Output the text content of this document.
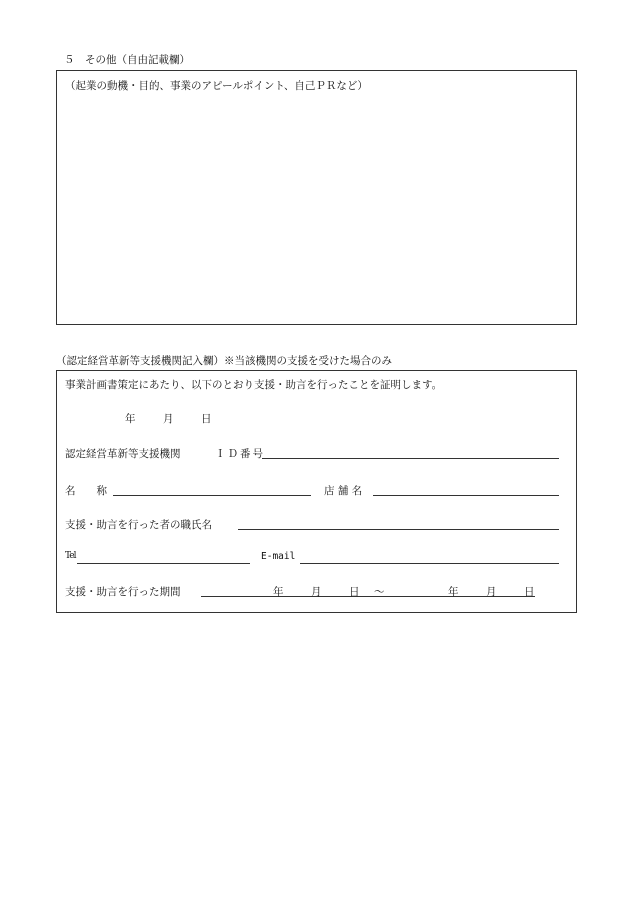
５　その他（自由記載欄）
（起業の動機・目的、事業のアピールポイント、自己ＰＲなど）
（認定経営革新等支援機関記入欄）※当該機関の支援を受けた場合のみ
事業計画書策定にあたり、以下のとおり支援・助言を行ったことを証明します。
年	月	日
認定経営革新等支援機関	ＩＤ番号
名　　称	店 舗 名
支援・助言を行った者の職氏名
Tel	E-mail
支援・助言を行った期間	年	月	日 ～	年	月	日
